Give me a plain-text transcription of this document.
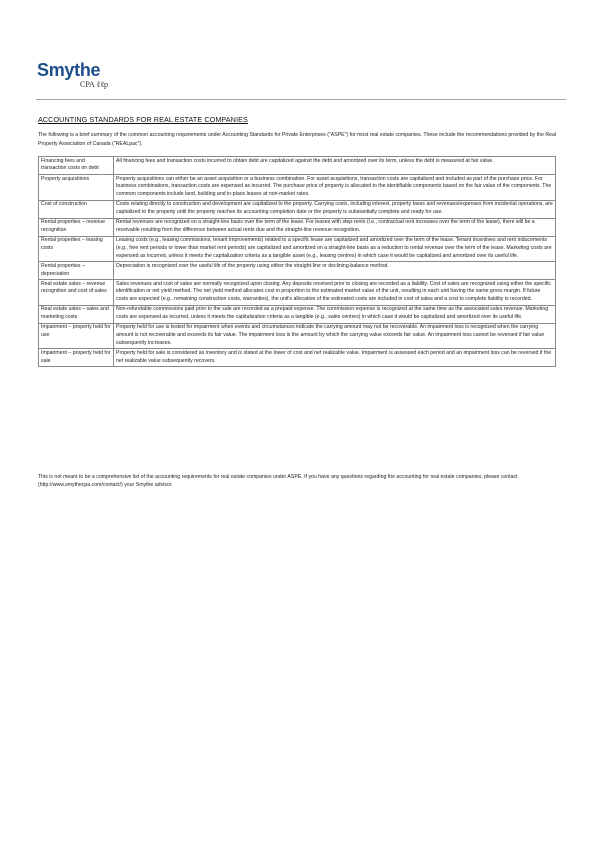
Smythe
CPA ℓℓp
ACCOUNTING STANDARDS FOR REAL ESTATE COMPANIES
The following is a brief summary of the common accounting requirements under Accounting Standards for Private Enterprises ("ASPE") for most real estate companies. These include the recommendations provided by the Real Property Association of Canada ("REALpac").
Financing fees and transaction costs on debt	All financing fees and transaction costs incurred to obtain debt are capitalized against the debt and amortized over its term, unless the debt is measured at fair value.
Property acquisitions	Property acquisitions can either be an asset acquisition or a business combination. For asset acquisitions, transaction costs are capitalized and included as part of the purchase price. For business combinations, transaction costs are expensed as incurred. The purchase price of property is allocated to the identifiable components based on the fair value of the components. The common components include land, building and in-place leases at non-market rates.
Cost of construction	Costs relating directly to construction and development are capitalized to the property. Carrying costs, including interest, property taxes and revenues/expenses from incidental operations, are capitalized to the property until the property reaches its accounting completion date or the property is substantially complete and ready for use.
Rental properties – revenue recognition	Rental revenues are recognized on a straight-line basis over the term of the lease. For leases with step-rents (i.e., contractual rent increases over the term of the lease), there will be a receivable resulting from the difference between actual rents due and the straight-line revenue recognition.
Rental properties – leasing costs	Leasing costs (e.g., leasing commissions, tenant improvements) related to a specific lease are capitalized and amortized over the term of the lease. Tenant incentives and rent inducements (e.g., free rent periods or lower than market rent periods) are capitalized and amortized on a straight-line basis as a reduction to rental revenue over the term of the lease. Marketing costs are expensed as incurred, unless it meets the capitalization criteria as a tangible asset (e.g., leasing centres) in which case it would be capitalized and amortized over its useful life.
Rental properties – depreciation	Depreciation is recognized over the useful life of the property using either the straight-line or declining-balance method.
Real estate sales – revenue recognition and cost of sales	Sales revenues and cost of sales are normally recognized upon closing. Any deposits received prior to closing are recorded as a liability. Cost of sales are recognized using either the specific identification or net yield method. The net yield method allocates cost in proportion to the estimated market value of the unit, resulting in each unit having the same gross margin. If future costs are expected (e.g., remaining construction costs, warranties), the unit's allocation of the estimated costs are included in cost of sales and a cost to complete liability is recorded.
Real estate sales – sales and marketing costs	Non-refundable commissions paid prior to the sale are recorded as a prepaid expense. The commission expense is recognized at the same time as the associated sales revenue. Marketing costs are expensed as incurred, unless it meets the capitalization criteria as a tangible (e.g., sales centres) in which case it would be capitalized and amortized over its useful life.
Impairment – property held for use	Property held for use is tested for impairment when events and circumstances indicate the carrying amount may not be recoverable. An impairment loss is recognized when the carrying amount is not recoverable and exceeds its fair value. The impairment loss is the amount by which the carrying value exceeds fair value. An impairment loss cannot be reversed if fair value subsequently increases.
Impairment – property held for sale	Property held for sale is considered as inventory and is stated at the lower of cost and net realizable value. Impairment is assessed each period and an impairment loss can be reversed if the net realizable value subsequently recovers.
This is not meant to be a comprehensive list of the accounting requirements for real estate companies under ASPE. If you have any questions regarding the accounting for real estate companies, please contact (http://www.smythecpa.com/contact/) your Smythe advisor.
